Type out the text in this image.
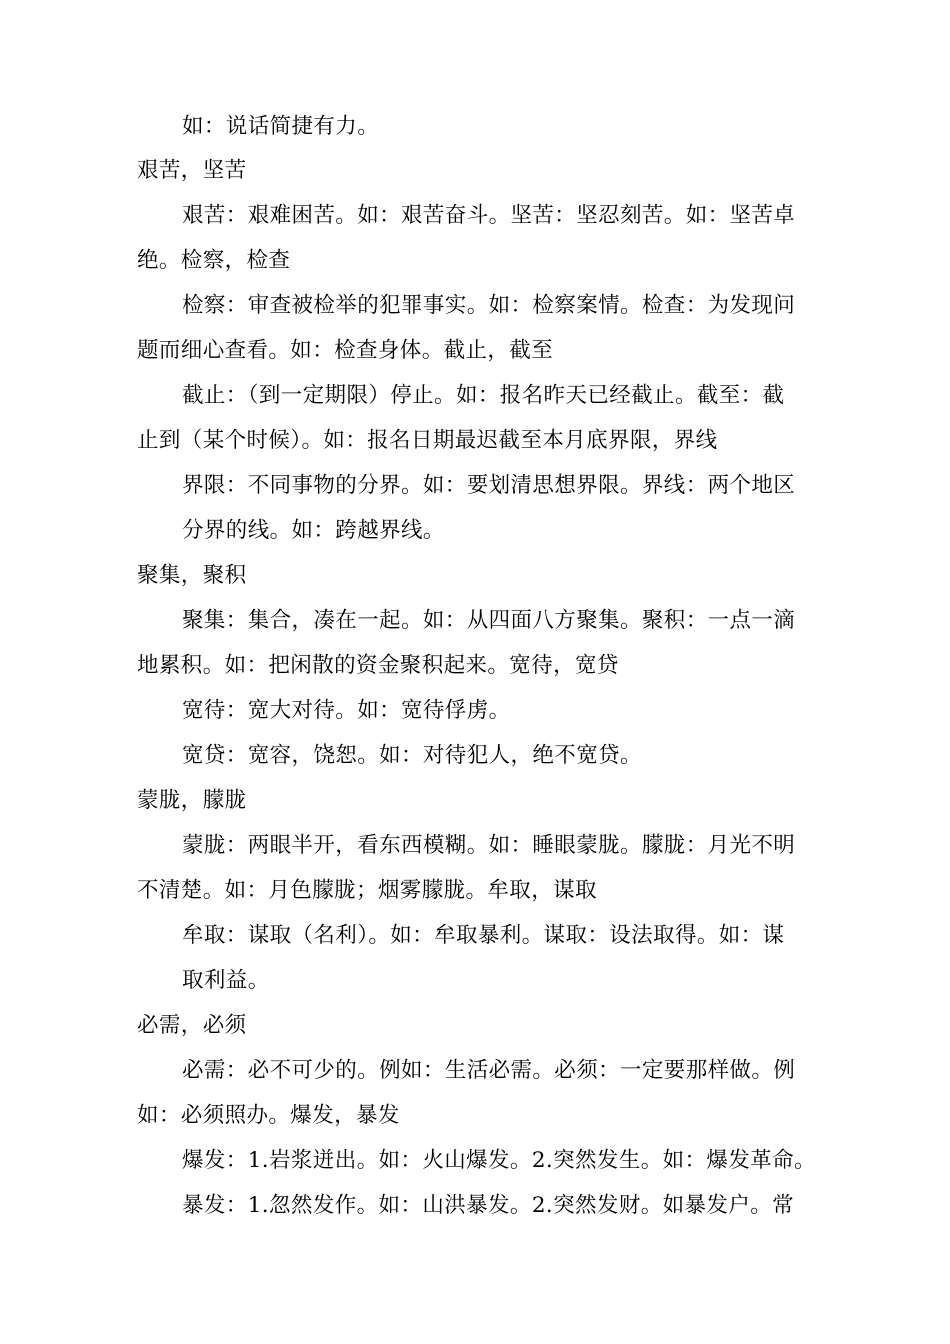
如：说话简捷有力。
艰苦，坚苦
艰苦：艰难困苦。如：艰苦奋斗。坚苦：坚忍刻苦。如：坚苦卓
绝。检察，检查
检察：审查被检举的犯罪事实。如：检察案情。检查：为发现问
题而细心查看。如：检查身体。截止，截至
截止：（到一定期限）停止。如：报名昨天已经截止。截至：截
止到（某个时候）。如：报名日期最迟截至本月底界限，界线
界限：不同事物的分界。如：要划清思想界限。界线：两个地区
分界的线。如：跨越界线。
聚集，聚积
聚集：集合，凑在一起。如：从四面八方聚集。聚积：一点一滴
地累积。如：把闲散的资金聚积起来。宽待，宽贷
宽待：宽大对待。如：宽待俘虏。
宽贷：宽容，饶恕。如：对待犯人，绝不宽贷。
蒙胧，朦胧
蒙胧：两眼半开，看东西模糊。如：睡眼蒙胧。朦胧：月光不明
不清楚。如：月色朦胧；烟雾朦胧。牟取，谋取
牟取：谋取（名利）。如：牟取暴利。谋取：设法取得。如：谋
取利益。
必需，必须
必需：必不可少的。例如：生活必需。必须：一定要那样做。例
如：必须照办。爆发，暴发
爆发：1.岩浆迸出。如：火山爆发。2.突然发生。如：爆发革命。
暴发：1.忽然发作。如：山洪暴发。2.突然发财。如暴发户。常
